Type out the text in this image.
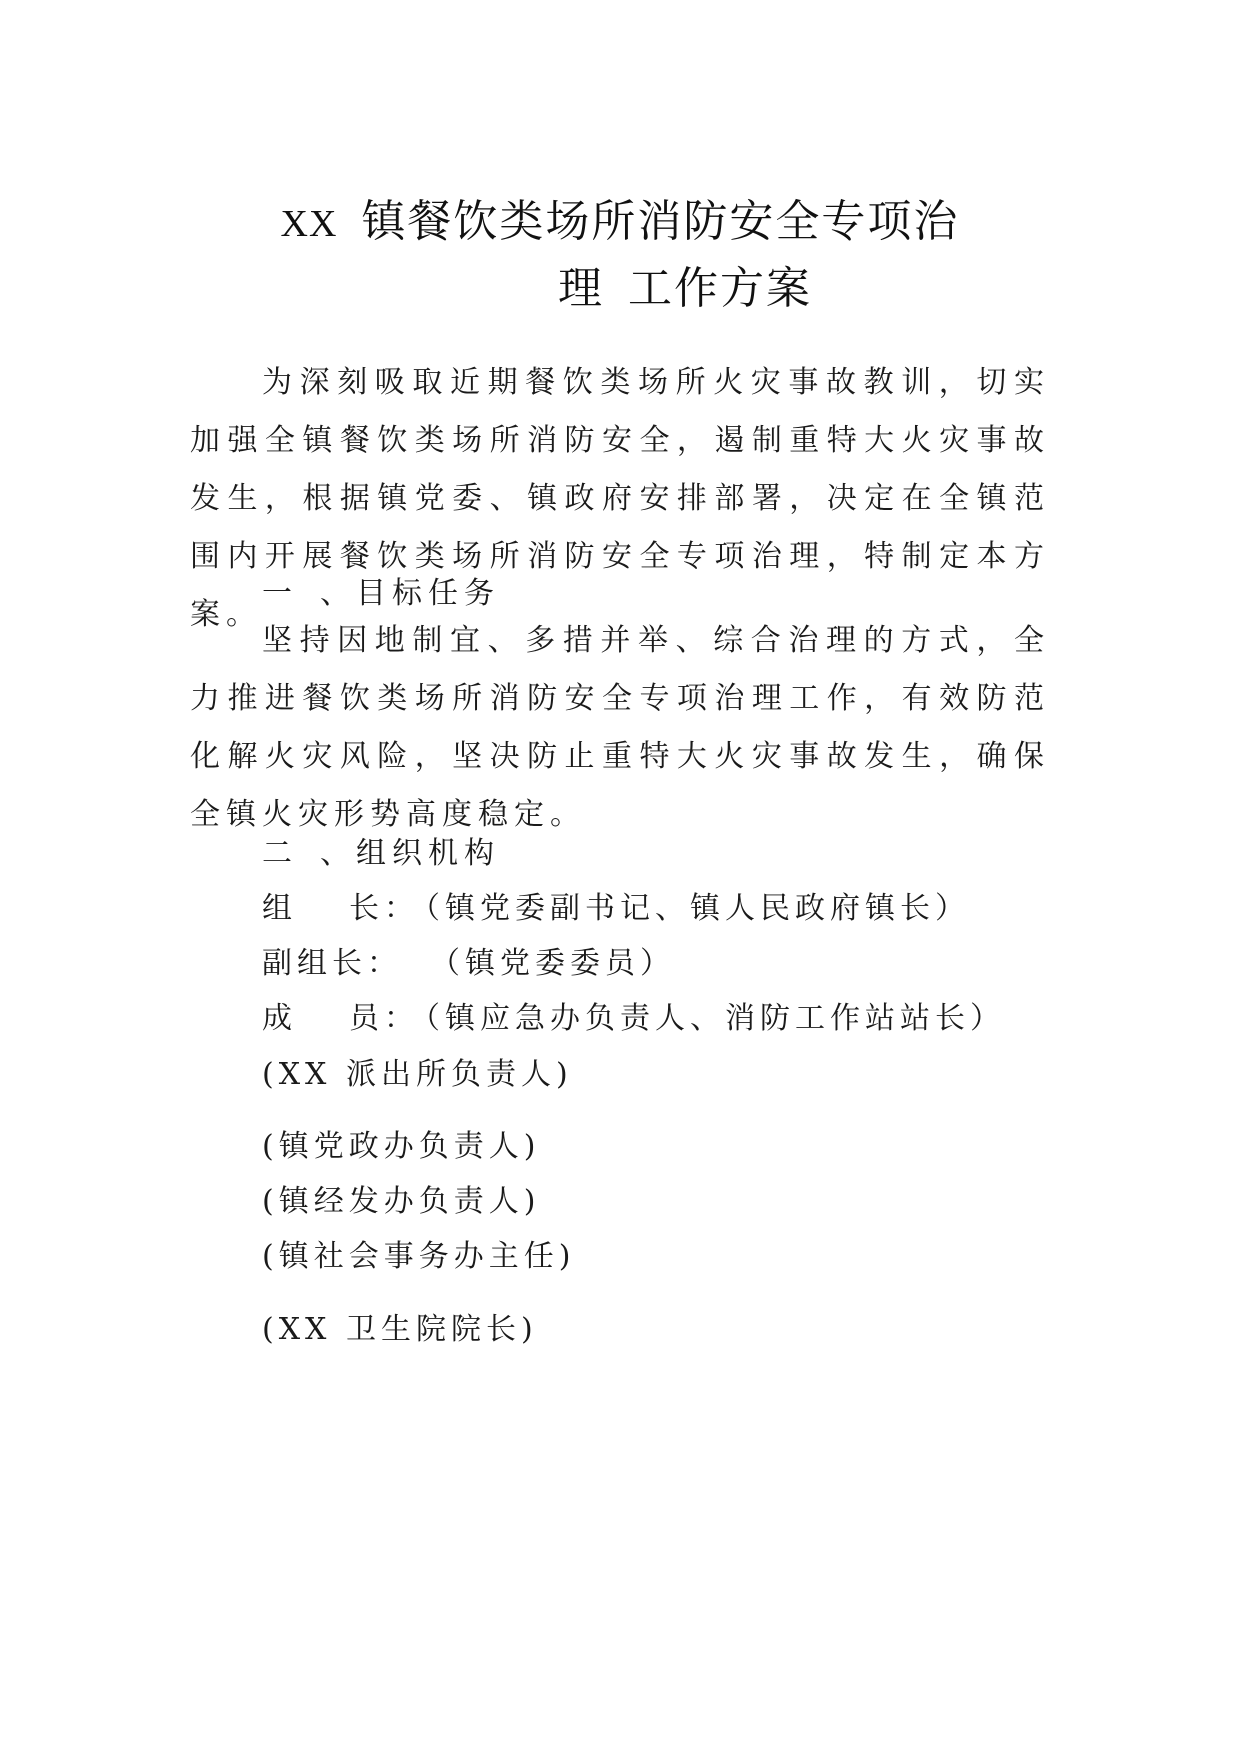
XX 镇餐饮类场所消防安全专项治
理 工作方案

为深刻吸取近期餐饮类场所火灾事故教训，切实加强全镇餐饮类场所消防安全，遏制重特大火灾事故发生，根据镇党委、镇政府安排部署，决定在全镇范围内开展餐饮类场所消防安全专项治理，特制定本方案。

一 、目标任务

坚持因地制宜、多措并举、综合治理的方式，全力推进餐饮类场所消防安全专项治理工作，有效防范化解火灾风险，坚决防止重特大火灾事故发生，确保全镇火灾形势高度稳定。

二 、组织机构
组 长：（镇党委副书记、镇人民政府镇长）
副组长： （镇党委委员）
成 员：（镇应急办负责人、消防工作站站长）
(XX 派出所负责人)
(镇党政办负责人)
(镇经发办负责人)
(镇社会事务办主任)
(XX 卫生院院长)
